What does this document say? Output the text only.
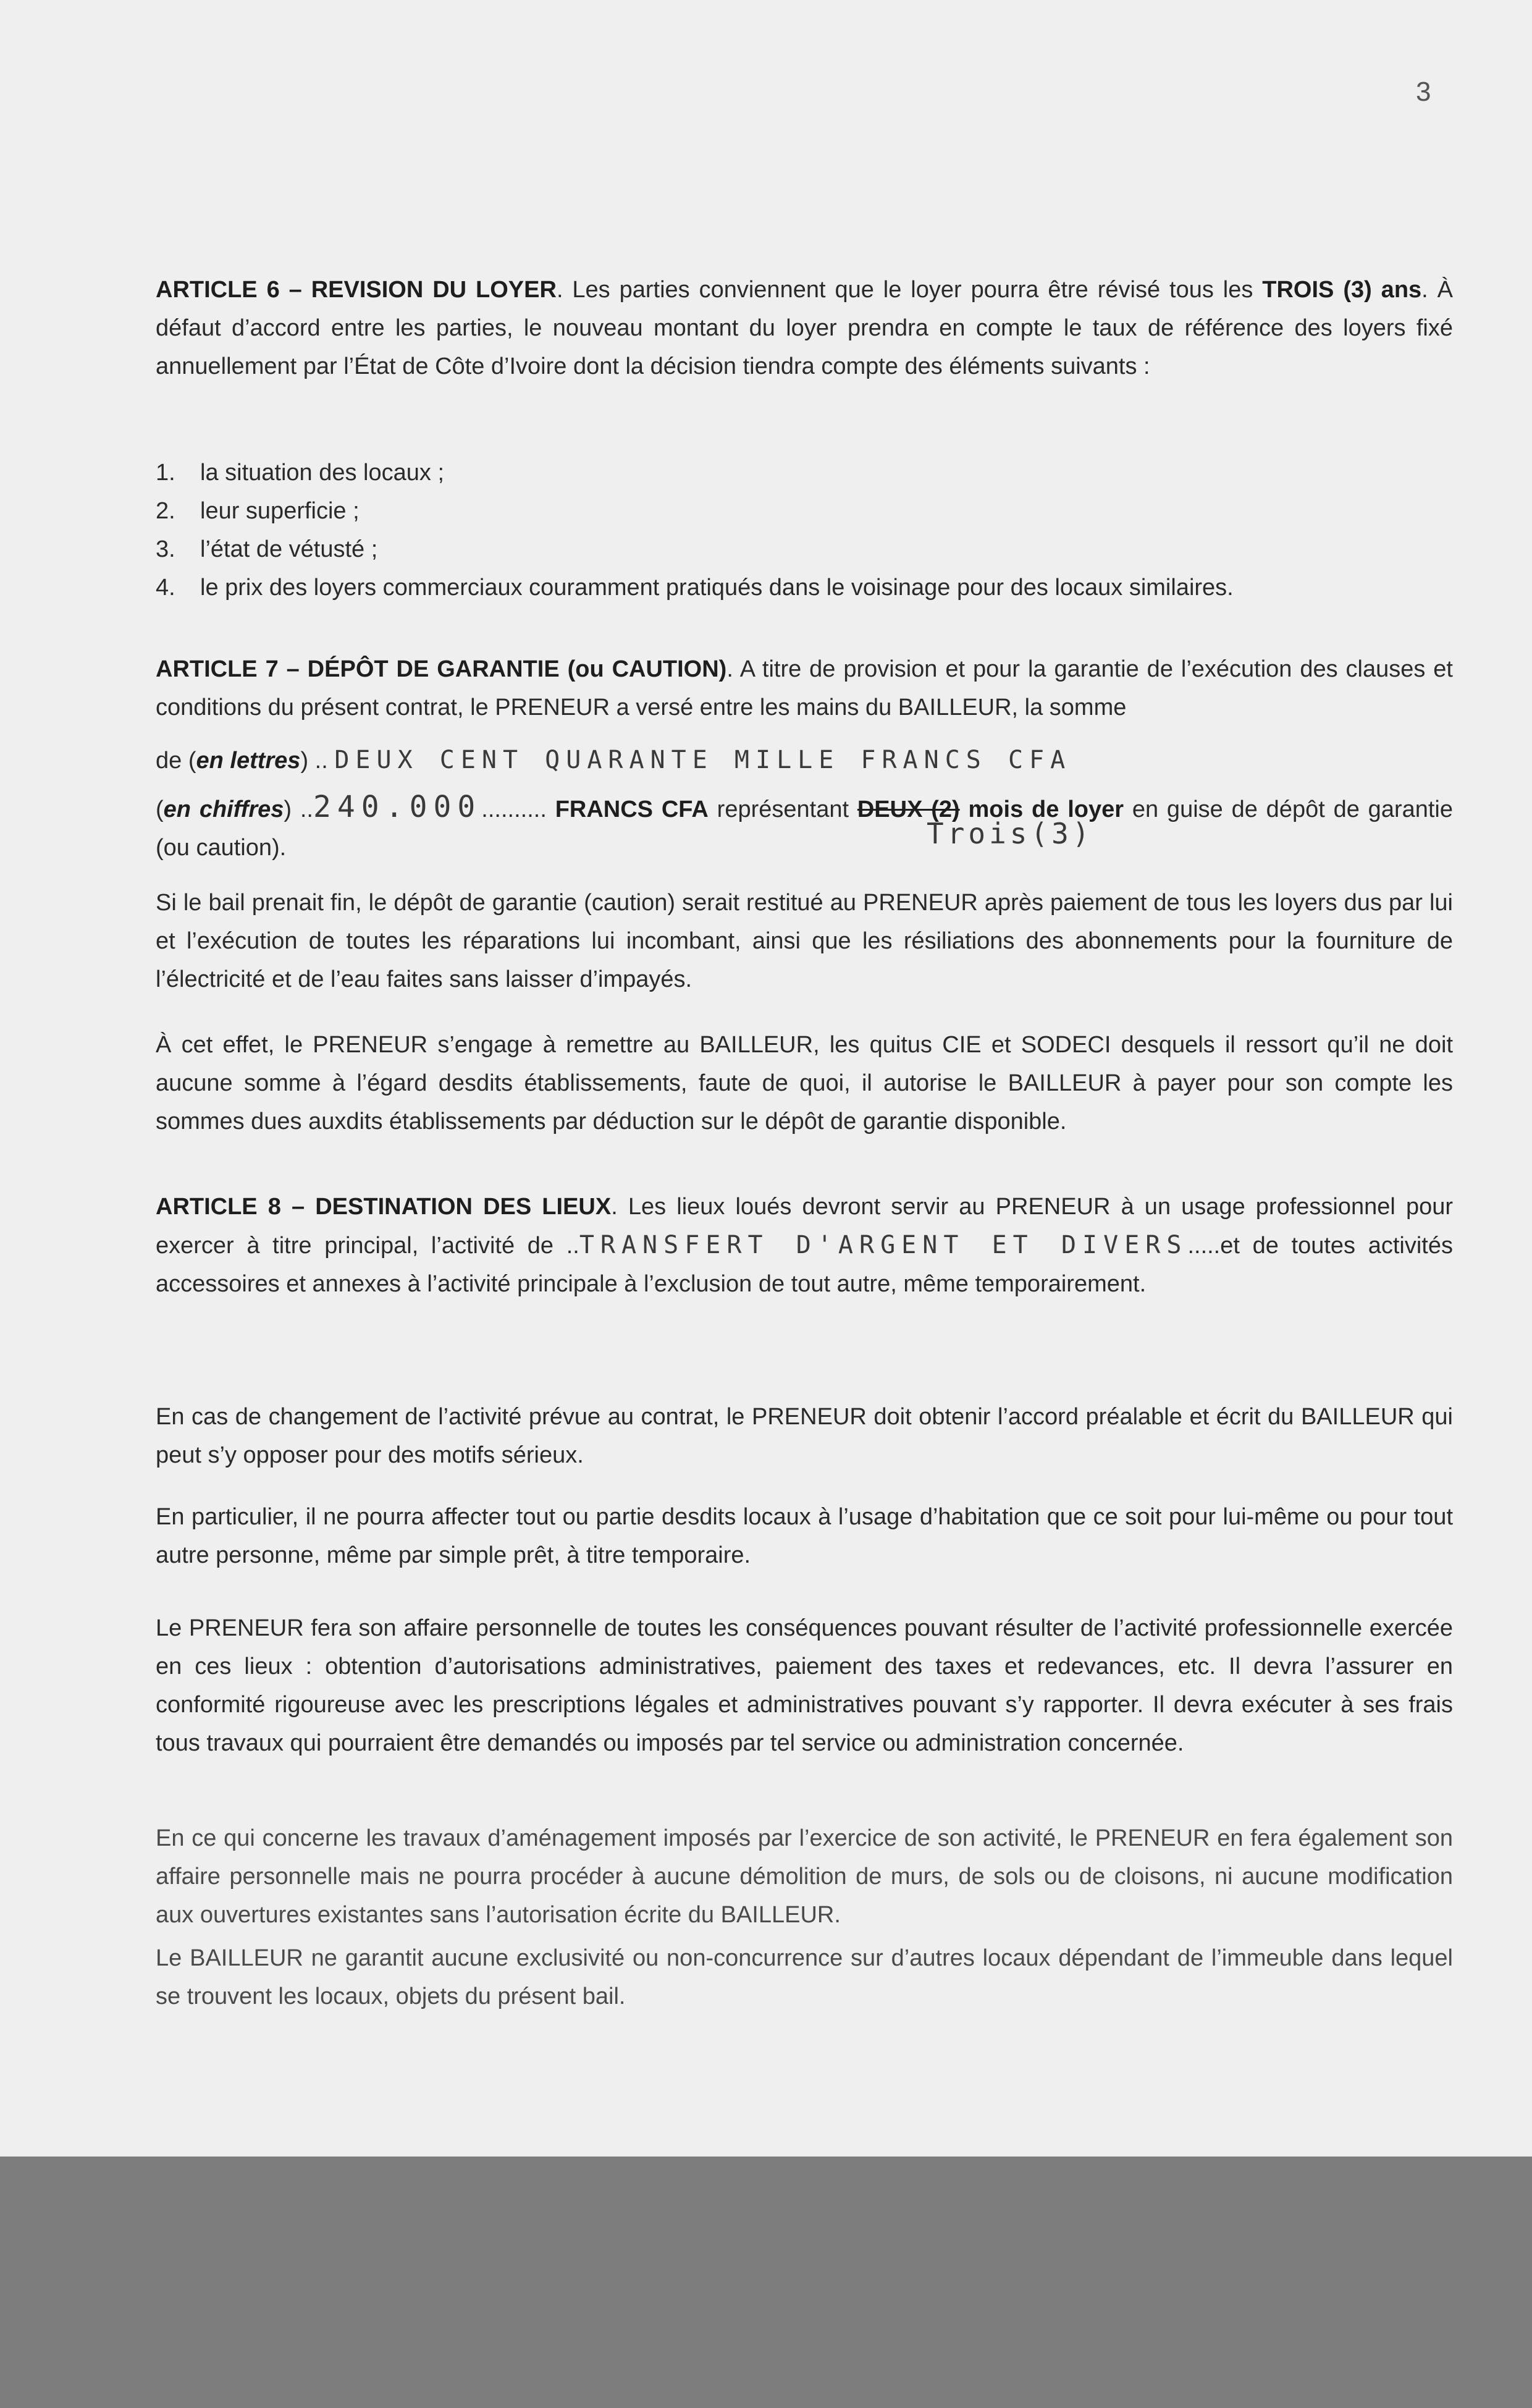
3
ARTICLE 6 – REVISION DU LOYER. Les parties conviennent que le loyer pourra être révisé tous les TROIS (3) ans. À défaut d’accord entre les parties, le nouveau montant du loyer prendra en compte le taux de référence des loyers fixé annuellement par l’État de Côte d’Ivoire dont la décision tiendra compte des éléments suivants :
1.	la situation des locaux ;
2.	leur superficie ;
3.	l’état de vétusté ;
4.	le prix des loyers commerciaux couramment pratiqués dans le voisinage pour des locaux similaires.
ARTICLE 7 – DÉPÔT DE GARANTIE (ou CAUTION). A titre de provision et pour la garantie de l’exécution des clauses et conditions du présent contrat, le PRENEUR a versé entre les mains du BAILLEUR, la somme
de (en lettres) .. DEUX CENT QUARANTE MILLE FRANCS CFA
(en chiffres) ..240.000.......... FRANCS CFA représentant DEUX (2) mois de loyer en guise de dépôt de garantie (ou caution).	Trois(3)
Si le bail prenait fin, le dépôt de garantie (caution) serait restitué au PRENEUR après paiement de tous les loyers dus par lui et l’exécution de toutes les réparations lui incombant, ainsi que les résiliations des abonnements pour la fourniture de l’électricité et de l’eau faites sans laisser d’impayés.
À cet effet, le PRENEUR s’engage à remettre au BAILLEUR, les quitus CIE et SODECI desquels il ressort qu’il ne doit aucune somme à l’égard desdits établissements, faute de quoi, il autorise le BAILLEUR à payer pour son compte les sommes dues auxdits établissements par déduction sur le dépôt de garantie disponible.
ARTICLE 8 – DESTINATION DES LIEUX. Les lieux loués devront servir au PRENEUR à un usage professionnel pour exercer à titre principal, l’activité de ..TRANSFERT D'ARGENT ET DIVERS.....et de toutes activités accessoires et annexes à l’activité principale à l’exclusion de tout autre, même temporairement.
En cas de changement de l’activité prévue au contrat, le PRENEUR doit obtenir l’accord préalable et écrit du BAILLEUR qui peut s’y opposer pour des motifs sérieux.
En particulier, il ne pourra affecter tout ou partie desdits locaux à l’usage d’habitation que ce soit pour lui-même ou pour tout autre personne, même par simple prêt, à titre temporaire.
Le PRENEUR fera son affaire personnelle de toutes les conséquences pouvant résulter de l’activité professionnelle exercée en ces lieux : obtention d’autorisations administratives, paiement des taxes et redevances, etc. Il devra l’assurer en conformité rigoureuse avec les prescriptions légales et administratives pouvant s’y rapporter. Il devra exécuter à ses frais tous travaux qui pourraient être demandés ou imposés par tel service ou administration concernée.
En ce qui concerne les travaux d’aménagement imposés par l’exercice de son activité, le PRENEUR en fera également son affaire personnelle mais ne pourra procéder à aucune démolition de murs, de sols ou de cloisons, ni aucune modification aux ouvertures existantes sans l’autorisation écrite du BAILLEUR.
Le BAILLEUR ne garantit aucune exclusivité ou non-concurrence sur d’autres locaux dépendant de l’immeuble dans lequel se trouvent les locaux, objets du présent bail.
